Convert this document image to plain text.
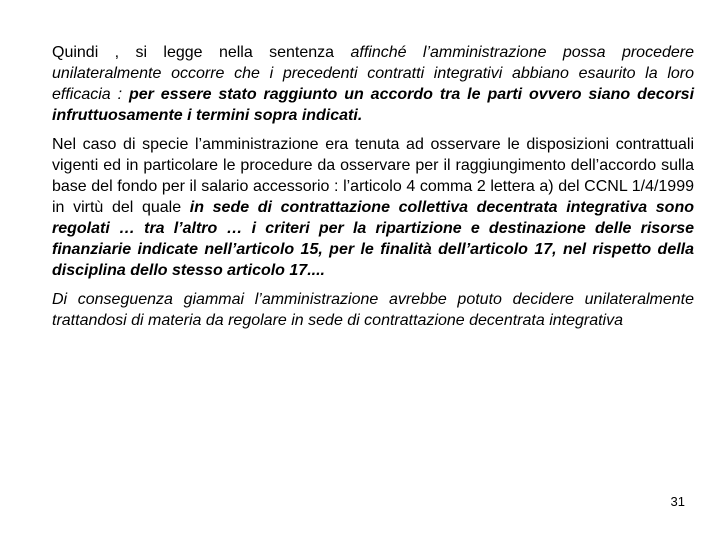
Quindi , si legge nella sentenza affinché l’amministrazione possa procedere unilateralmente occorre che i precedenti contratti integrativi abbiano esaurito la loro efficacia : per essere stato raggiunto un accordo tra le parti ovvero siano decorsi infruttuosamente i termini sopra indicati.

Nel caso di specie l’amministrazione era tenuta ad osservare le disposizioni contrattuali vigenti ed in particolare le procedure da osservare per il raggiungimento dell’accordo sulla base del fondo per il salario accessorio : l’articolo 4 comma 2 lettera a) del CCNL 1/4/1999 in virtù del quale in sede di contrattazione collettiva decentrata integrativa sono regolati … tra l’altro … i criteri per la ripartizione e destinazione delle risorse finanziarie indicate nell’articolo 15, per le finalità dell’articolo 17, nel rispetto della disciplina dello stesso articolo 17....

Di conseguenza giammai l’amministrazione avrebbe potuto decidere unilateralmente trattandosi di materia da regolare in sede di contrattazione decentrata integrativa

31
